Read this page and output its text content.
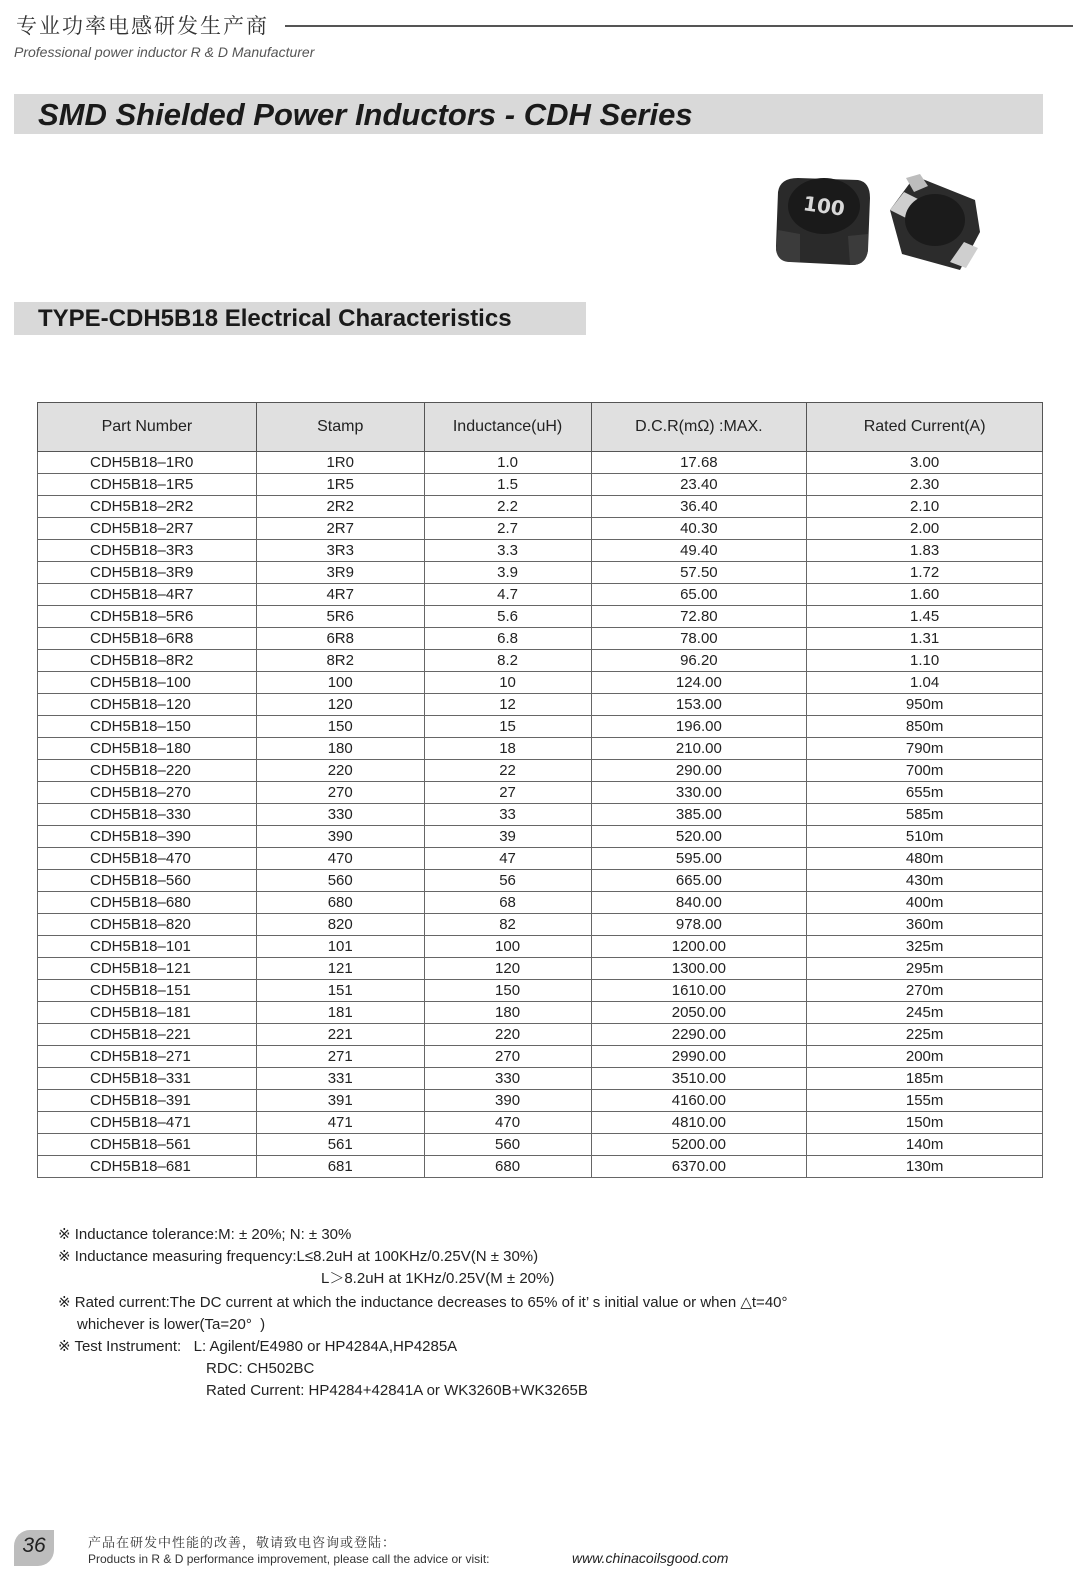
专业功率电感研发生产商
Professional power inductor R & D Manufacturer
SMD Shielded Power Inductors - CDH Series
100
TYPE-CDH5B18 Electrical Characteristics
Part Number	Stamp	Inductance(uH)	D.C.R(mΩ) :MAX.	Rated Current(A)
CDH5B18–1R0	1R0	1.0	17.68	3.00
CDH5B18–1R5	1R5	1.5	23.40	2.30
CDH5B18–2R2	2R2	2.2	36.40	2.10
CDH5B18–2R7	2R7	2.7	40.30	2.00
CDH5B18–3R3	3R3	3.3	49.40	1.83
CDH5B18–3R9	3R9	3.9	57.50	1.72
CDH5B18–4R7	4R7	4.7	65.00	1.60
CDH5B18–5R6	5R6	5.6	72.80	1.45
CDH5B18–6R8	6R8	6.8	78.00	1.31
CDH5B18–8R2	8R2	8.2	96.20	1.10
CDH5B18–100	100	10	124.00	1.04
CDH5B18–120	120	12	153.00	950m
CDH5B18–150	150	15	196.00	850m
CDH5B18–180	180	18	210.00	790m
CDH5B18–220	220	22	290.00	700m
CDH5B18–270	270	27	330.00	655m
CDH5B18–330	330	33	385.00	585m
CDH5B18–390	390	39	520.00	510m
CDH5B18–470	470	47	595.00	480m
CDH5B18–560	560	56	665.00	430m
CDH5B18–680	680	68	840.00	400m
CDH5B18–820	820	82	978.00	360m
CDH5B18–101	101	100	1200.00	325m
CDH5B18–121	121	120	1300.00	295m
CDH5B18–151	151	150	1610.00	270m
CDH5B18–181	181	180	2050.00	245m
CDH5B18–221	221	220	2290.00	225m
CDH5B18–271	271	270	2990.00	200m
CDH5B18–331	331	330	3510.00	185m
CDH5B18–391	391	390	4160.00	155m
CDH5B18–471	471	470	4810.00	150m
CDH5B18–561	561	560	5200.00	140m
CDH5B18–681	681	680	6370.00	130m
※ Inductance tolerance:M: ± 20%; N: ± 30%
※ Inductance measuring frequency:L≤8.2uH at 100KHz/0.25V(N ± 30%)
L＞8.2uH at 1KHz/0.25V(M ± 20%)
※ Rated current:The DC current at which the inductance decreases to 65% of it’ s initial value or when △t=40°
whichever is lower(Ta=20°  )
※ Test Instrument:   L: Agilent/E4980 or HP4284A,HP4285A
RDC: CH502BC
Rated Current: HP4284+42841A or WK3260B+WK3265B
36	产品在研发中性能的改善，敬请致电咨询或登陆：
Products in R & D performance improvement, please call the advice or visit:	www.chinacoilsgood.com
